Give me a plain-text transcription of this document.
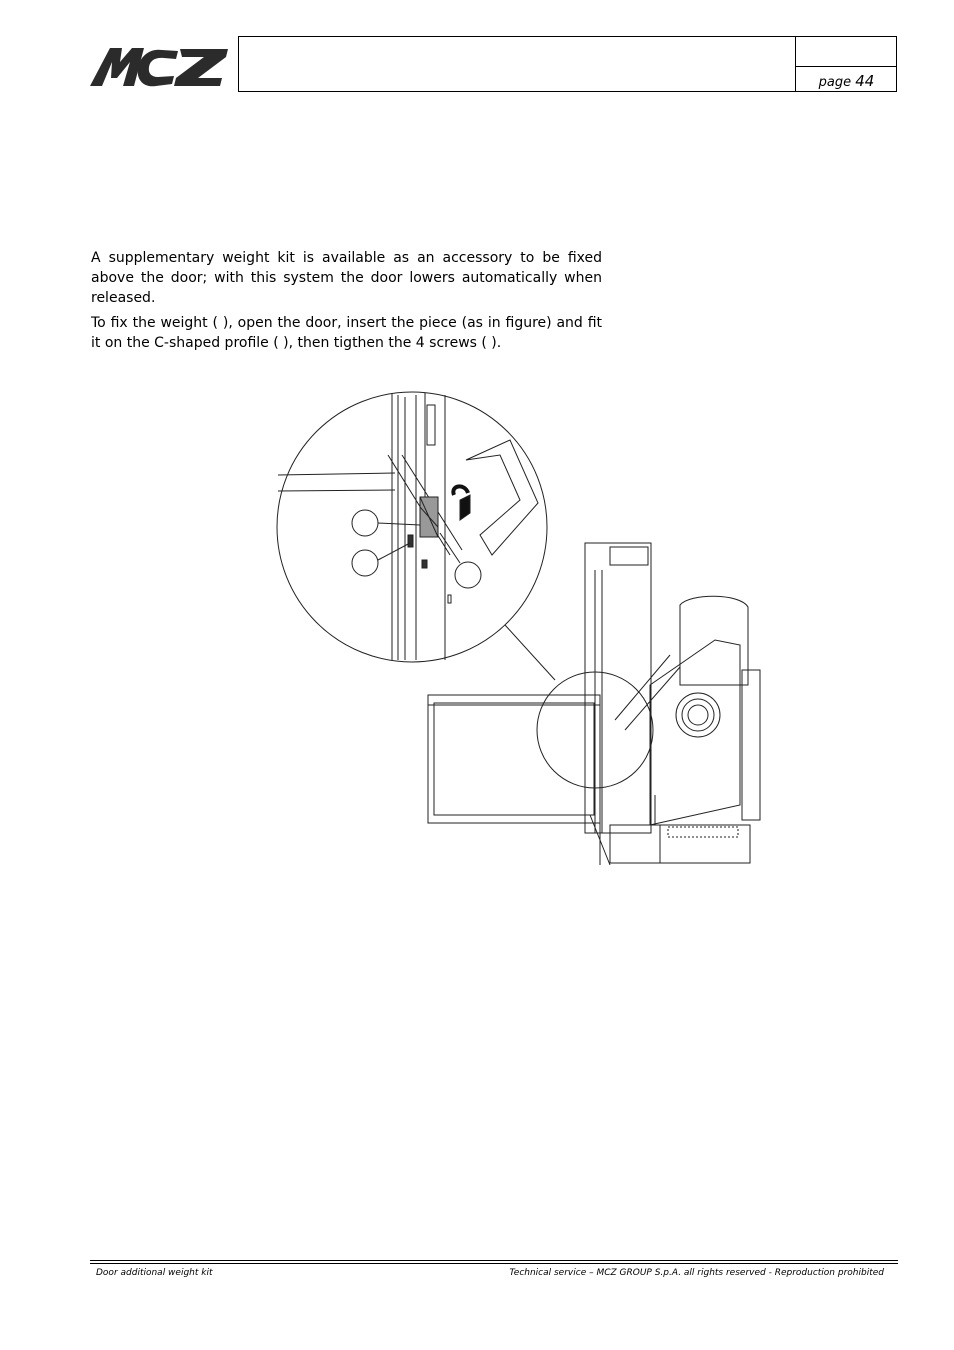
page 44

A supplementary weight kit is available as an accessory to be fixed above the door; with this system the door lowers automatically when released.

To fix the weight ( ), open the door, insert the piece (as in figure) and fit it on the C-shaped profile ( ), then tigthen the 4 screws ( ).

Door additional weight kit	Technical service – MCZ GROUP S.p.A. all rights reserved - Reproduction prohibited
